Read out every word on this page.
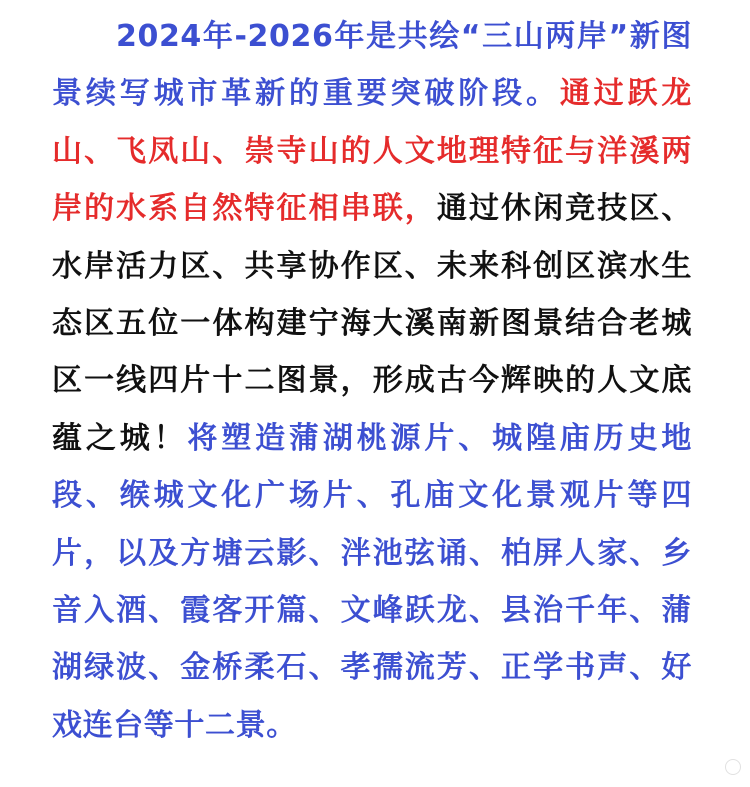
2024年-2026年是共绘“三山两岸”新图景续写城市革新的重要突破阶段。通过跃龙山、飞凤山、崇寺山的人文地理特征与洋溪两岸的水系自然特征相串联，通过休闲竞技区、水岸活力区、共享协作区、未来科创区滨水生态区五位一体构建宁海大溪南新图景结合老城区一线四片十二图景，形成古今辉映的人文底蕴之城！将塑造蒲湖桃源片、城隍庙历史地段、缑城文化广场片、孔庙文化景观片等四片，以及方塘云影、泮池弦诵、柏屏人家、乡音入酒、霞客开篇、文峰跃龙、县治千年、蒲湖绿波、金桥柔石、孝孺流芳、正学书声、好戏连台等十二景。
